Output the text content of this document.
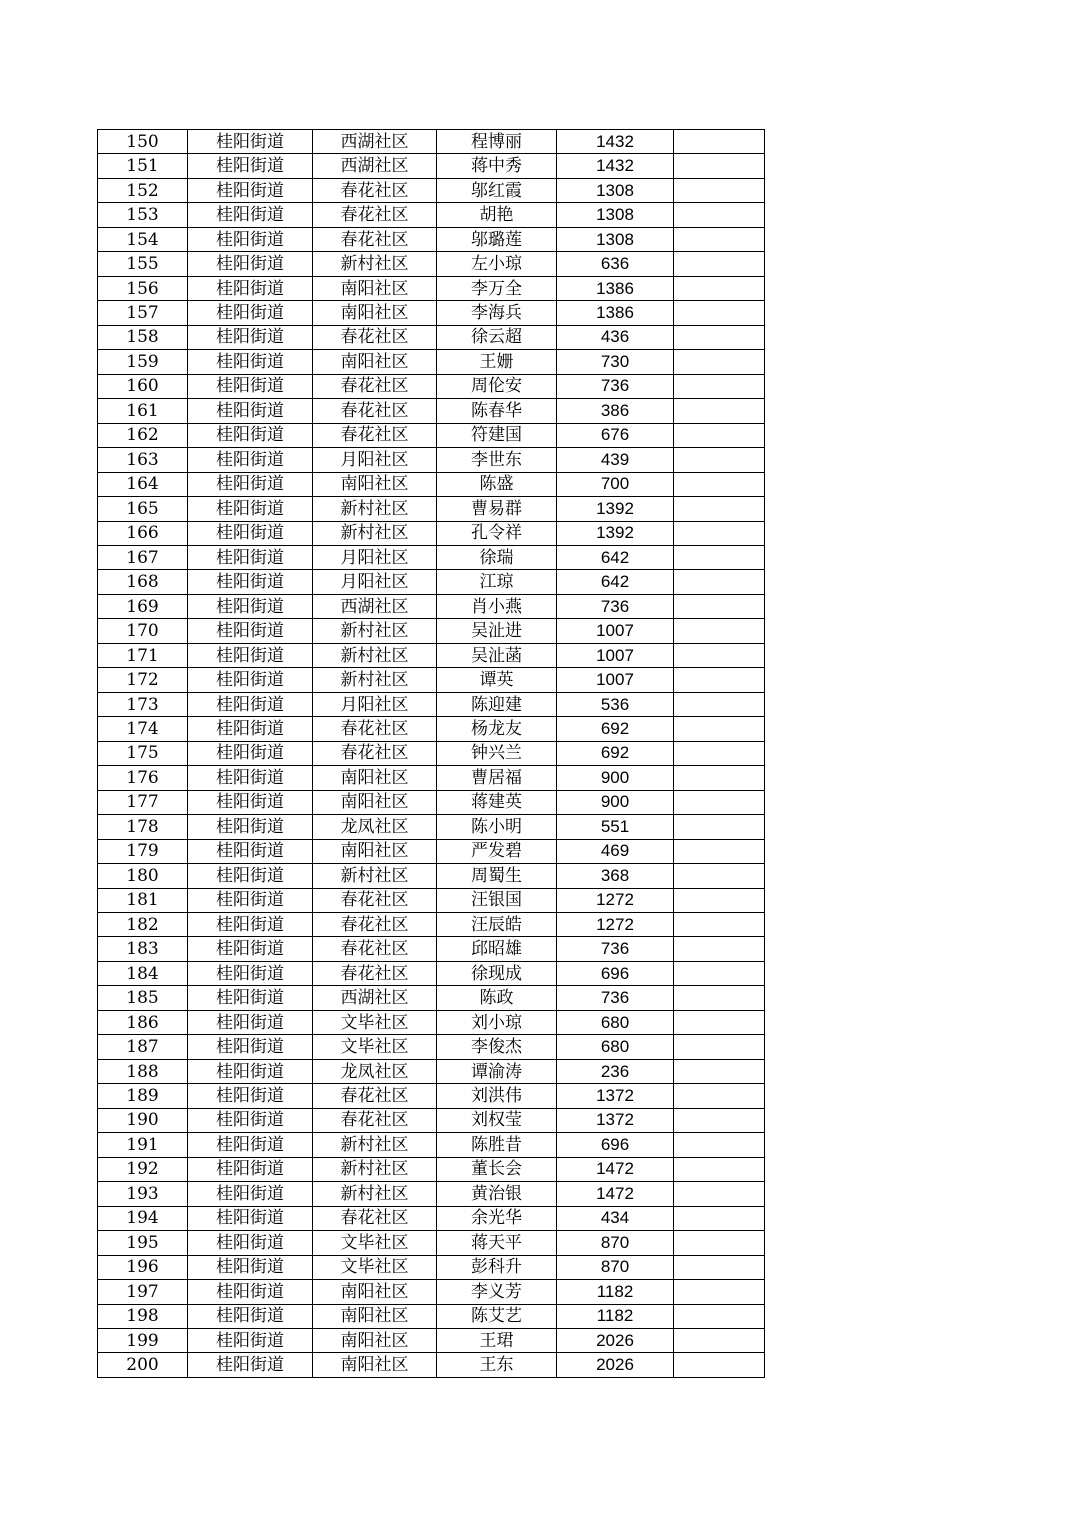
150	桂阳街道	西湖社区	程博丽	1432	
151	桂阳街道	西湖社区	蒋中秀	1432	
152	桂阳街道	春花社区	邬红霞	1308	
153	桂阳街道	春花社区	胡艳	1308	
154	桂阳街道	春花社区	邬璐莲	1308	
155	桂阳街道	新村社区	左小琼	636	
156	桂阳街道	南阳社区	李万全	1386	
157	桂阳街道	南阳社区	李海兵	1386	
158	桂阳街道	春花社区	徐云超	436	
159	桂阳街道	南阳社区	王姗	730	
160	桂阳街道	春花社区	周伦安	736	
161	桂阳街道	春花社区	陈春华	386	
162	桂阳街道	春花社区	符建国	676	
163	桂阳街道	月阳社区	李世东	439	
164	桂阳街道	南阳社区	陈盛	700	
165	桂阳街道	新村社区	曹易群	1392	
166	桂阳街道	新村社区	孔令祥	1392	
167	桂阳街道	月阳社区	徐瑞	642	
168	桂阳街道	月阳社区	江琼	642	
169	桂阳街道	西湖社区	肖小燕	736	
170	桂阳街道	新村社区	吴沚进	1007	
171	桂阳街道	新村社区	吴沚菡	1007	
172	桂阳街道	新村社区	谭英	1007	
173	桂阳街道	月阳社区	陈迎建	536	
174	桂阳街道	春花社区	杨龙友	692	
175	桂阳街道	春花社区	钟兴兰	692	
176	桂阳街道	南阳社区	曹居福	900	
177	桂阳街道	南阳社区	蒋建英	900	
178	桂阳街道	龙凤社区	陈小明	551	
179	桂阳街道	南阳社区	严发碧	469	
180	桂阳街道	新村社区	周蜀生	368	
181	桂阳街道	春花社区	汪银国	1272	
182	桂阳街道	春花社区	汪辰皓	1272	
183	桂阳街道	春花社区	邱昭雄	736	
184	桂阳街道	春花社区	徐现成	696	
185	桂阳街道	西湖社区	陈政	736	
186	桂阳街道	文毕社区	刘小琼	680	
187	桂阳街道	文毕社区	李俊杰	680	
188	桂阳街道	龙凤社区	谭渝涛	236	
189	桂阳街道	春花社区	刘洪伟	1372	
190	桂阳街道	春花社区	刘权莹	1372	
191	桂阳街道	新村社区	陈胜昔	696	
192	桂阳街道	新村社区	董长会	1472	
193	桂阳街道	新村社区	黄治银	1472	
194	桂阳街道	春花社区	余光华	434	
195	桂阳街道	文毕社区	蒋天平	870	
196	桂阳街道	文毕社区	彭科升	870	
197	桂阳街道	南阳社区	李义芳	1182	
198	桂阳街道	南阳社区	陈艾艺	1182	
199	桂阳街道	南阳社区	王珺	2026	
200	桂阳街道	南阳社区	王东	2026	
